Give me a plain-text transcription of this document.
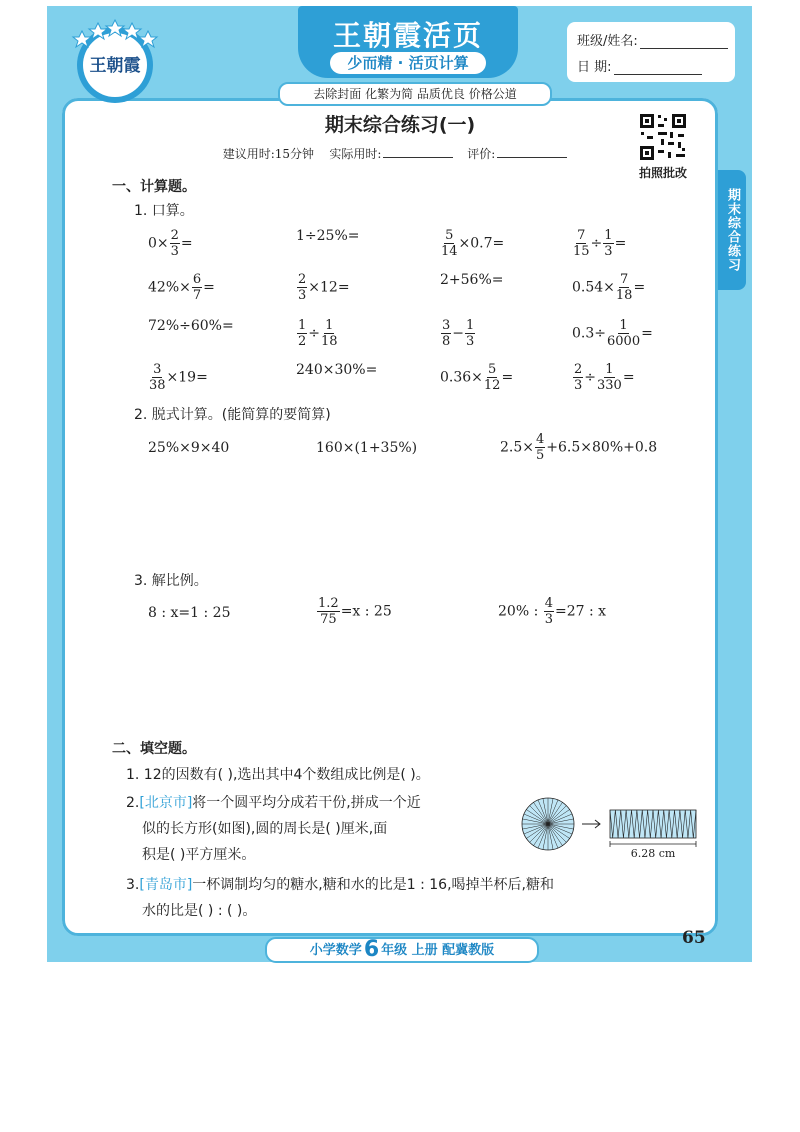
王朝霞
王朝霞活页
少而精 · 活页计算
去除封面 化繁为简 品质优良 价格公道
班级/姓名:
日 期:
期末综合练习
期末综合练习(一)
建议用时:15分钟 实际用时:	评价:
拍照批改
一、计算题。
1. 口算。
$0\times \frac{2}{3}$ =	1÷25%=	$\frac{5}{14} \times 0.7=$	$\frac{7}{15} \div \frac{1}{3}$ =
$42\%\times \frac{6}{7}$ =	$\frac{2}{3} \times 12=$	2+56%=	$0.54\times \frac{7}{18}$ =
72%÷60%=	$\frac{1}{2} \div \frac{1}{18}$	$\frac{3}{8} - \frac{1}{3}$	$0.3\div \frac{1}{6000}$ =
$\frac{3}{38} \times 19=$	240×30%=	$0.36\times \frac{5}{12}$ =	$\frac{2}{3} \div \frac{1}{330}$ =
2. 脱式计算。(能简算的要简算)
25%×9×40	160×(1+35%)	$2.5\times \frac{4}{5} +6.5\times 80\%+0.8$
3. 解比例。
8 : x=1 : 25	$\frac{1.2}{75} =x$ : 25	20% : $\frac{4}{3} =27$ : x
二、填空题。
1. 12的因数有( ),选出其中4个数组成比例是( )。
2.[北京市]将一个圆平均分成若干份,拼成一个近
似的长方形(如图),圆的周长是( )厘米,面
积是( )平方厘米。	6.28 cm
3.[青岛市]一杯调制均匀的糖水,糖和水的比是1 : 16,喝掉半杯后,糖和
水的比是( ) : ( )。
小学数学6 年级 上册 配冀教版
65
